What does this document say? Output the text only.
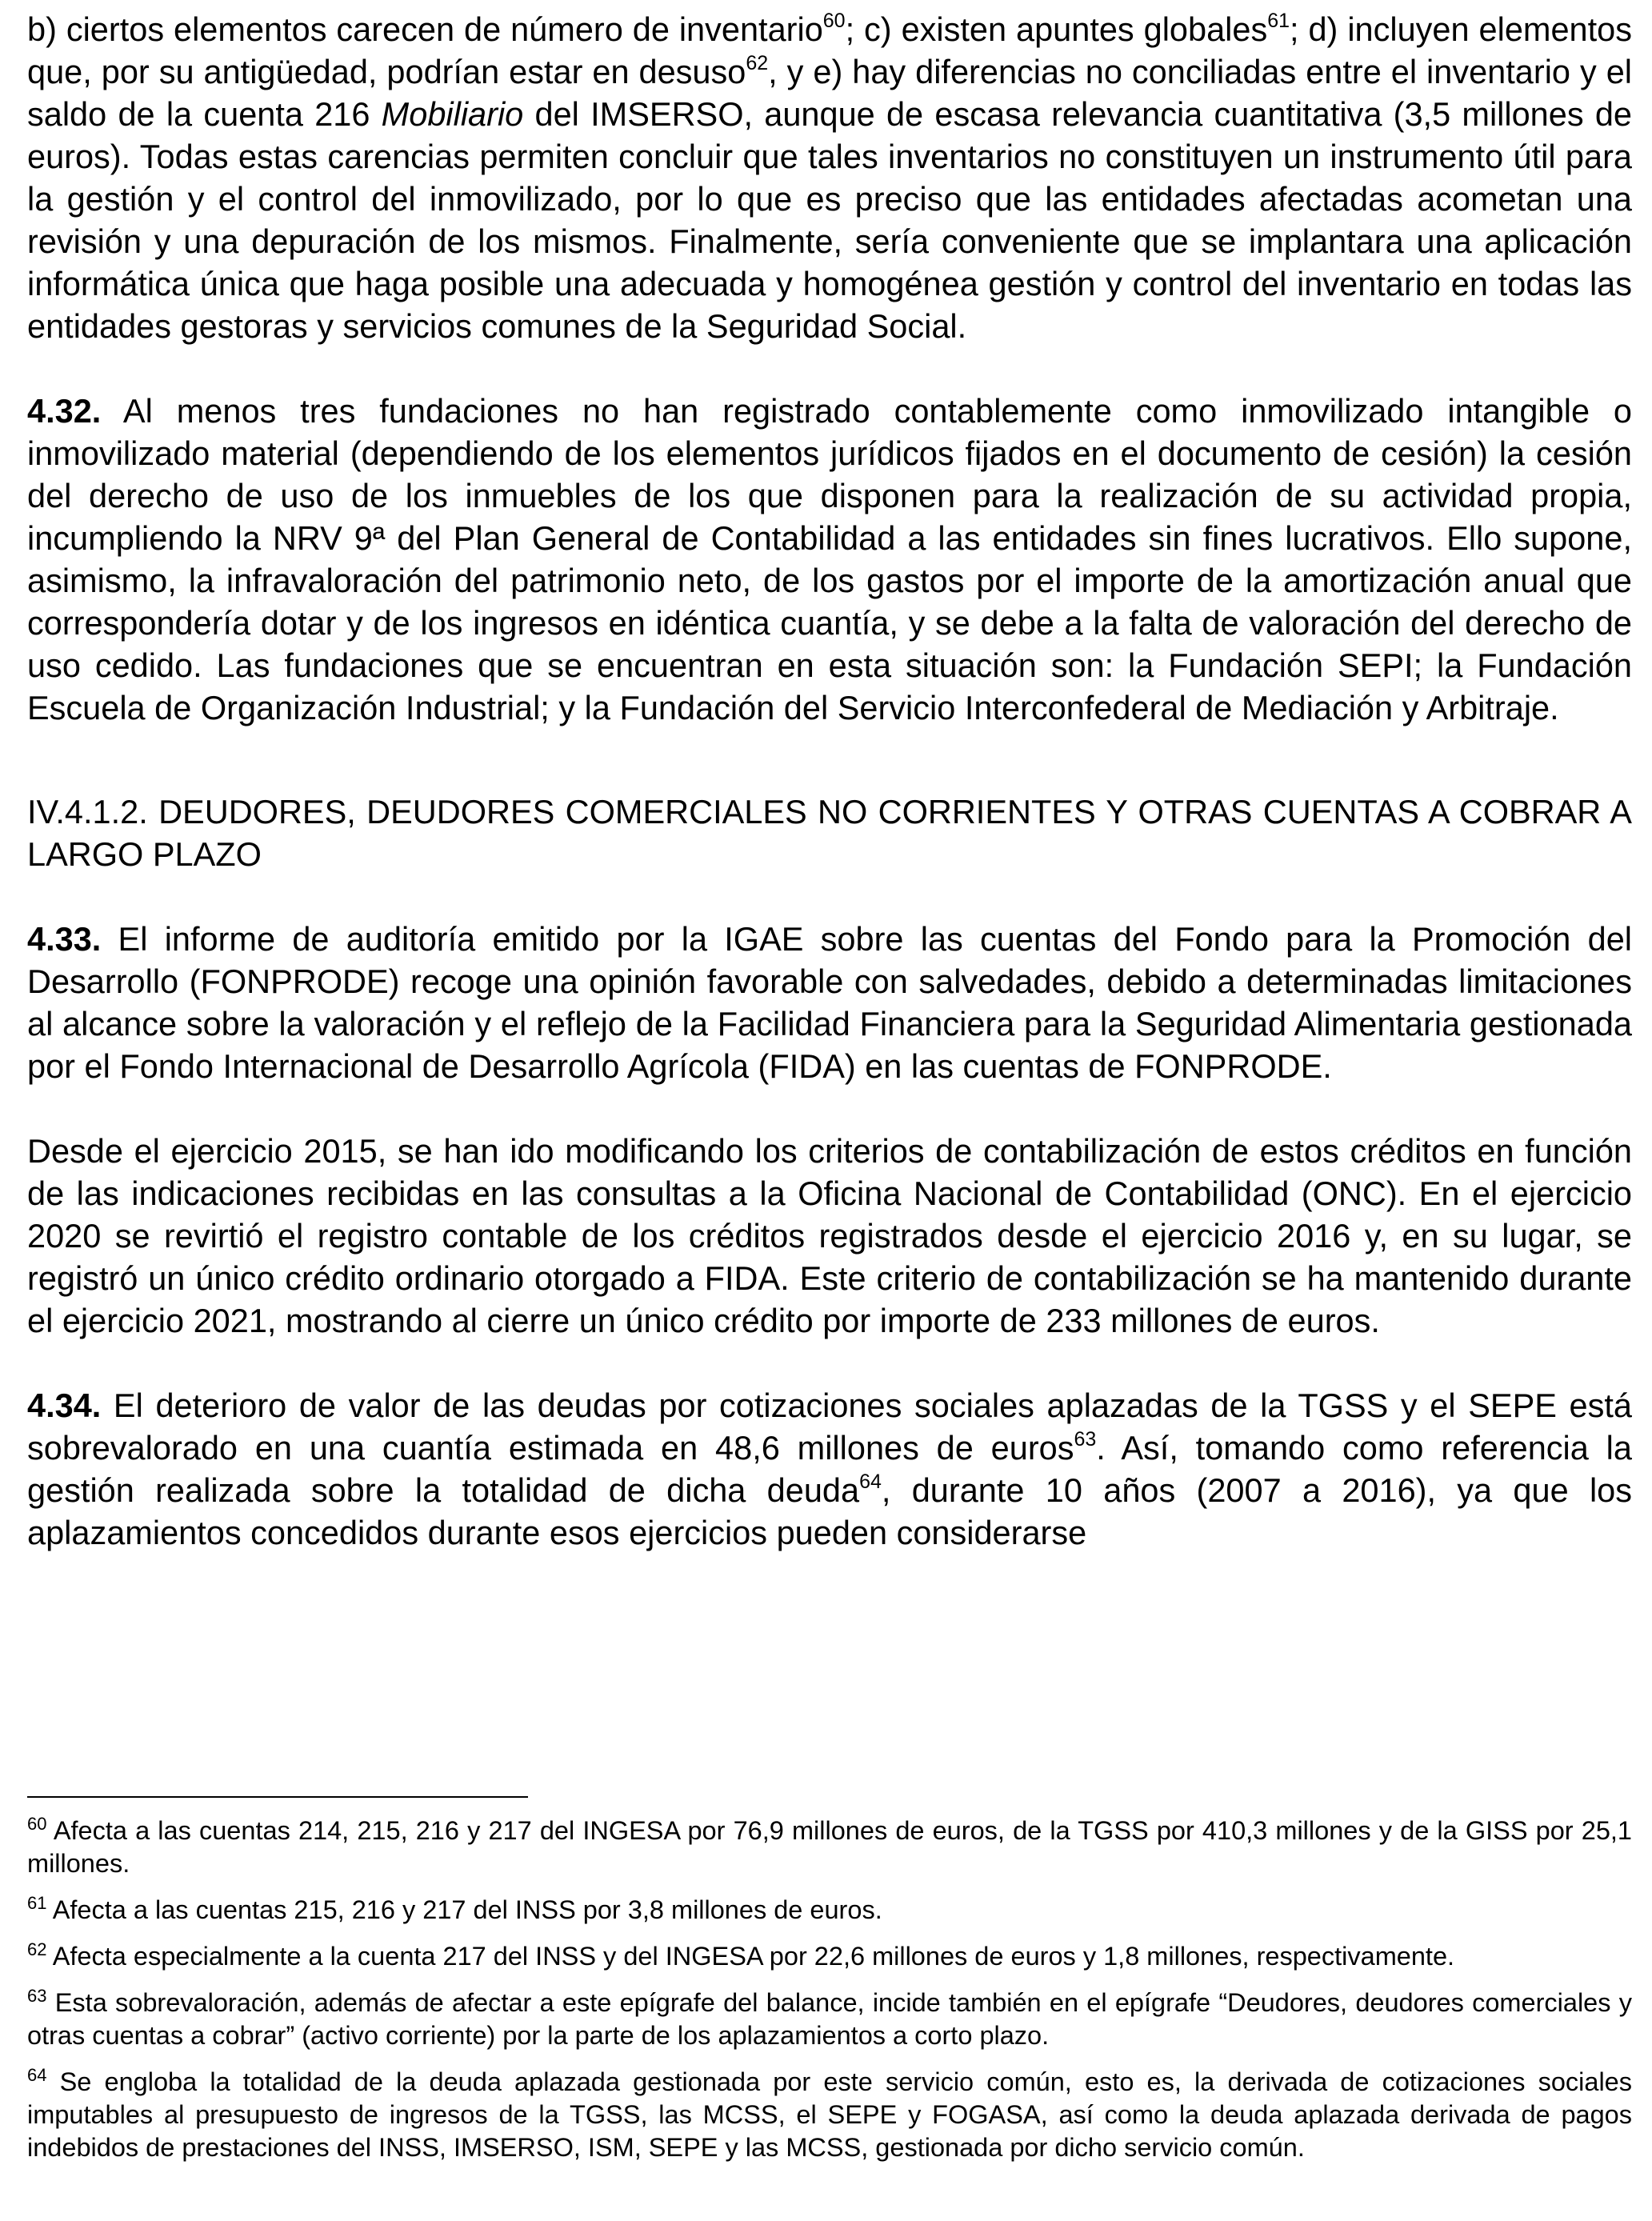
b) ciertos elementos carecen de número de inventario$^{60}$; c) existen apuntes globales$^{61}$; d) incluyen elementos que, por su antigüedad, podrían estar en desuso$^{62}$, y e) hay diferencias no conciliadas entre el inventario y el saldo de la cuenta 216 Mobiliario del IMSERSO, aunque de escasa relevancia cuantitativa (3,5 millones de euros). Todas estas carencias permiten concluir que tales inventarios no constituyen un instrumento útil para la gestión y el control del inmovilizado, por lo que es preciso que las entidades afectadas acometan una revisión y una depuración de los mismos. Finalmente, sería conveniente que se implantara una aplicación informática única que haga posible una adecuada y homogénea gestión y control del inventario en todas las entidades gestoras y servicios comunes de la Seguridad Social.

4.32. Al menos tres fundaciones no han registrado contablemente como inmovilizado intangible o inmovilizado material (dependiendo de los elementos jurídicos fijados en el documento de cesión) la cesión del derecho de uso de los inmuebles de los que disponen para la realización de su actividad propia, incumpliendo la NRV 9ª del Plan General de Contabilidad a las entidades sin fines lucrativos. Ello supone, asimismo, la infravaloración del patrimonio neto, de los gastos por el importe de la amortización anual que correspondería dotar y de los ingresos en idéntica cuantía, y se debe a la falta de valoración del derecho de uso cedido. Las fundaciones que se encuentran en esta situación son: la Fundación SEPI; la Fundación Escuela de Organización Industrial; y la Fundación del Servicio Interconfederal de Mediación y Arbitraje.

IV.4.1.2. DEUDORES, DEUDORES COMERCIALES NO CORRIENTES Y OTRAS CUENTAS A COBRAR A LARGO PLAZO

4.33. El informe de auditoría emitido por la IGAE sobre las cuentas del Fondo para la Promoción del Desarrollo (FONPRODE) recoge una opinión favorable con salvedades, debido a determinadas limitaciones al alcance sobre la valoración y el reflejo de la Facilidad Financiera para la Seguridad Alimentaria gestionada por el Fondo Internacional de Desarrollo Agrícola (FIDA) en las cuentas de FONPRODE.

Desde el ejercicio 2015, se han ido modificando los criterios de contabilización de estos créditos en función de las indicaciones recibidas en las consultas a la Oficina Nacional de Contabilidad (ONC). En el ejercicio 2020 se revirtió el registro contable de los créditos registrados desde el ejercicio 2016 y, en su lugar, se registró un único crédito ordinario otorgado a FIDA. Este criterio de contabilización se ha mantenido durante el ejercicio 2021, mostrando al cierre un único crédito por importe de 233 millones de euros.

4.34. El deterioro de valor de las deudas por cotizaciones sociales aplazadas de la TGSS y el SEPE está sobrevalorado en una cuantía estimada en 48,6 millones de euros$^{63}$. Así, tomando como referencia la gestión realizada sobre la totalidad de dicha deuda$^{64}$, durante 10 años (2007 a 2016), ya que los aplazamientos concedidos durante esos ejercicios pueden considerarse

$^{60}$ Afecta a las cuentas 214, 215, 216 y 217 del INGESA por 76,9 millones de euros, de la TGSS por 410,3 millones y de la GISS por 25,1 millones.

$^{61}$ Afecta a las cuentas 215, 216 y 217 del INSS por 3,8 millones de euros.

$^{62}$ Afecta especialmente a la cuenta 217 del INSS y del INGESA por 22,6 millones de euros y 1,8 millones, respectivamente.

$^{63}$ Esta sobrevaloración, además de afectar a este epígrafe del balance, incide también en el epígrafe “Deudores, deudores comerciales y otras cuentas a cobrar” (activo corriente) por la parte de los aplazamientos a corto plazo.

$^{64}$ Se engloba la totalidad de la deuda aplazada gestionada por este servicio común, esto es, la derivada de cotizaciones sociales imputables al presupuesto de ingresos de la TGSS, las MCSS, el SEPE y FOGASA, así como la deuda aplazada derivada de pagos indebidos de prestaciones del INSS, IMSERSO, ISM, SEPE y las MCSS, gestionada por dicho servicio común.
